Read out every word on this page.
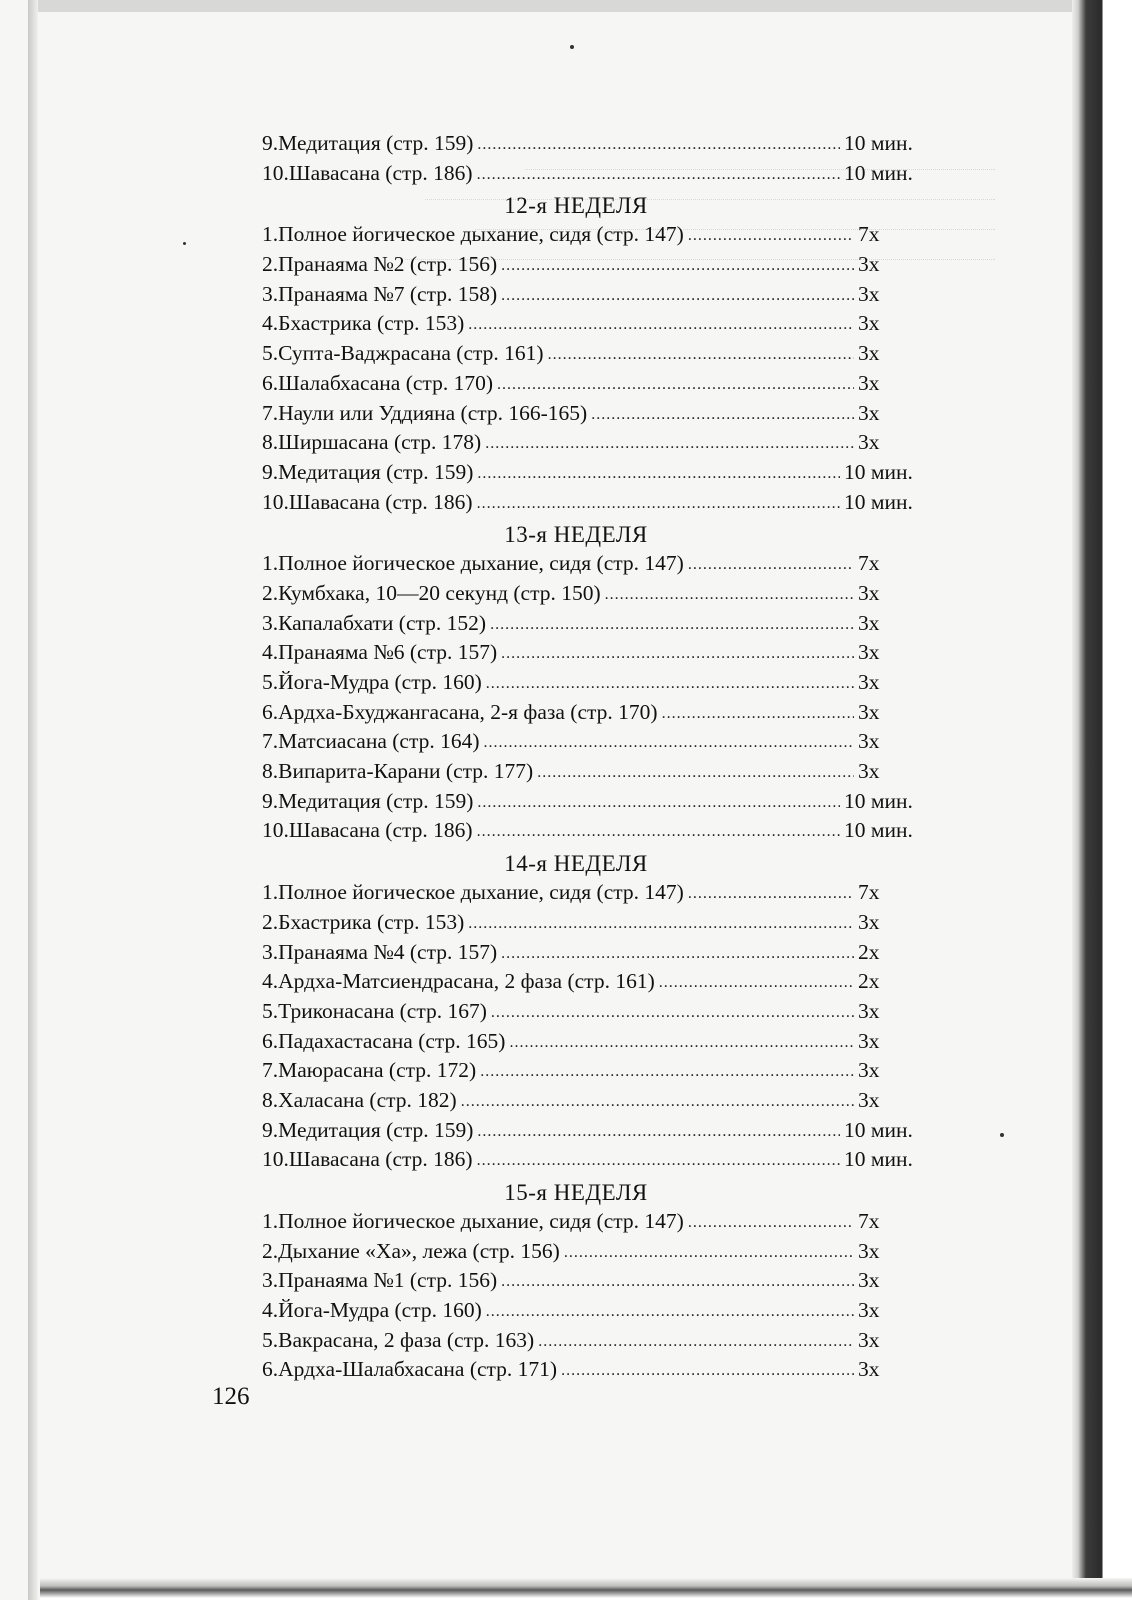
9.Медитация (стр. 159) .....	10 мин.
10.Шавасана (стр. 186) .....	10 мин.
12-я НЕДЕЛЯ
1.Полное йогическое дыхание, сидя (стр. 147) .....	7х
2.Пранаяма №2 (стр. 156) .....	3х
3.Пранаяма №7 (стр. 158) .....	3х
4.Бхастрика (стр. 153) .....	3х
5.Супта-Ваджрасана (стр. 161) .....	3х
6.Шалабхасана (стр. 170) .....	3х
7.Наули или Уддияна (стр. 166-165) .....	3х
8.Ширшасана (стр. 178) .....	3х
9.Медитация (стр. 159) .....	10 мин.
10.Шавасана (стр. 186) .....	10 мин.
13-я НЕДЕЛЯ
1.Полное йогическое дыхание, сидя (стр. 147) .....	7х
2.Кумбхака, 10—20 секунд (стр. 150) .....	3х
3.Капалабхати (стр. 152) .....	3х
4.Пранаяма №6 (стр. 157) .....	3х
5.Йога-Мудра (стр. 160) .....	3х
6.Ардха-Бхуджангасана, 2-я фаза (стр. 170) .....	3х
7.Матсиасана (стр. 164) .....	3х
8.Випарита-Карани (стр. 177) .....	3х
9.Медитация (стр. 159) .....	10 мин.
10.Шавасана (стр. 186) .....	10 мин.
14-я НЕДЕЛЯ
1.Полное йогическое дыхание, сидя (стр. 147) .....	7х
2.Бхастрика (стр. 153) .....	3х
3.Пранаяма №4 (стр. 157) .....	2х
4.Ардха-Матсиендрасана, 2 фаза (стр. 161) .....	2х
5.Триконасана (стр. 167) .....	3х
6.Падахастасана (стр. 165) .....	3х
7.Маюрасана (стр. 172) .....	3х
8.Халасана (стр. 182) .....	3х
9.Медитация (стр. 159) .....	10 мин.
10.Шавасана (стр. 186) .....	10 мин.
15-я НЕДЕЛЯ
1.Полное йогическое дыхание, сидя (стр. 147) .....	7х
2.Дыхание «Ха», лежа (стр. 156) .....	3х
3.Пранаяма №1 (стр. 156) .....	3х
4.Йога-Мудра (стр. 160) .....	3х
5.Вакрасана, 2 фаза (стр. 163) .....	3х
6.Ардха-Шалабхасана (стр. 171) .....	3х
126
